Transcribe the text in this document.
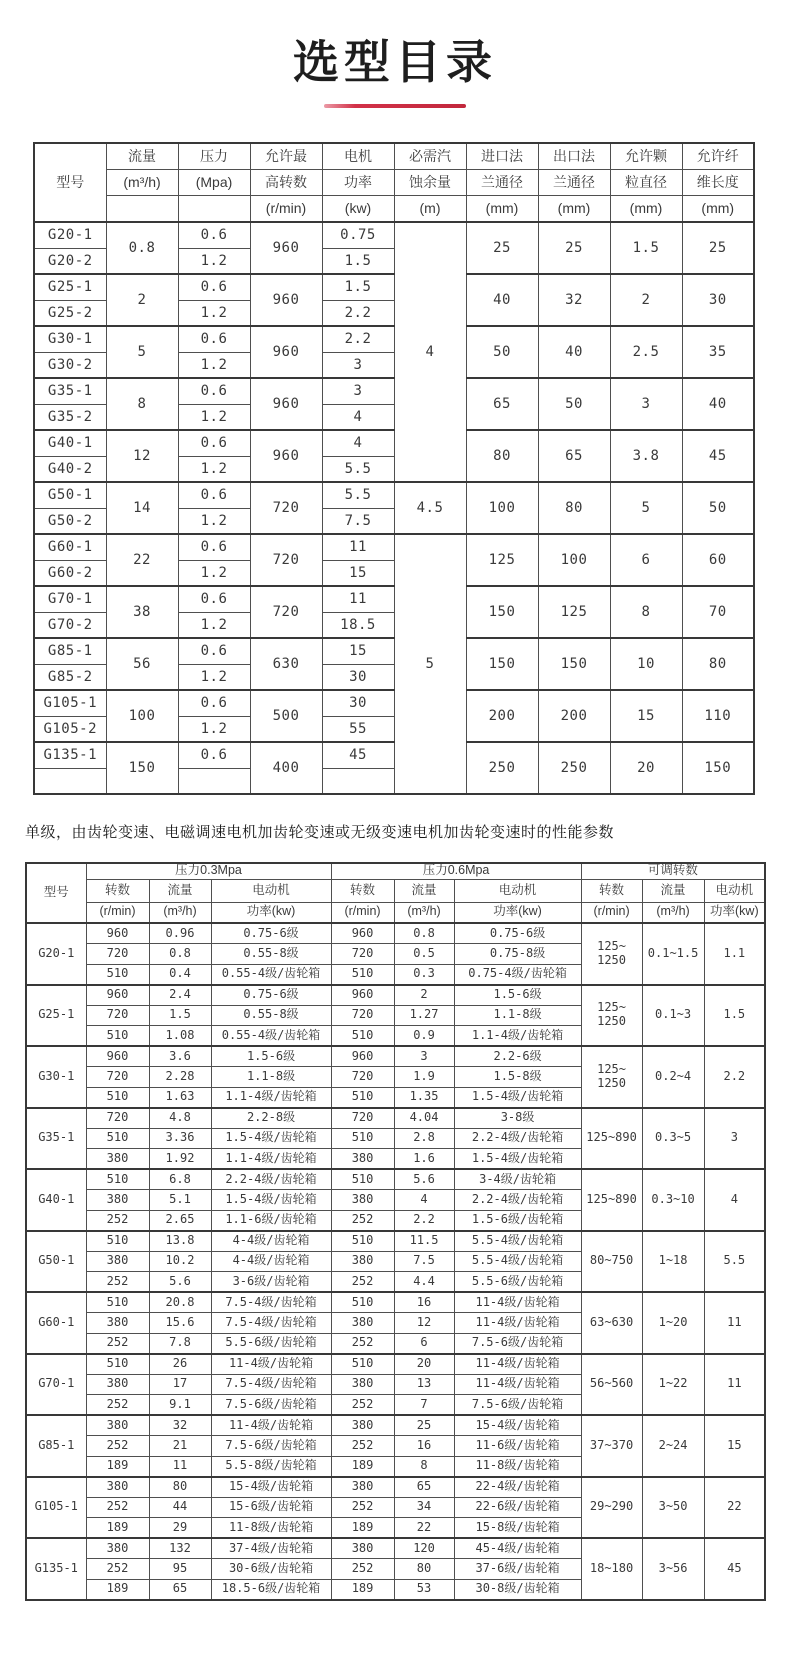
选型目录
型号	流量	压力	允许最	电机	必需汽	进口法	出口法	允许颗	允许纤
	(m³/h)	(Mpa)	高转数	功率	蚀余量	兰通径	兰通径	粒直径	维长度
			(r/min)	(kw)	(m)	(mm)	(mm)	(mm)	(mm)
G20-1	0.8	0.6	960	0.75	4	25	25	1.5	25
G20-2		1.2		1.5					
G25-1	2	0.6	960	1.5		40	32	2	30
G25-2		1.2		2.2					
G30-1	5	0.6	960	2.2		50	40	2.5	35
G30-2		1.2		3					
G35-1	8	0.6	960	3		65	50	3	40
G35-2		1.2		4					
G40-1	12	0.6	960	4		80	65	3.8	45
G40-2		1.2		5.5					
G50-1	14	0.6	720	5.5	4.5	100	80	5	50
G50-2		1.2		7.5					
G60-1	22	0.6	720	11	5	125	100	6	60
G60-2		1.2		15					
G70-1	38	0.6	720	11		150	125	8	70
G70-2		1.2		18.5					
G85-1	56	0.6	630	15		150	150	10	80
G85-2		1.2		30					
G105-1	100	0.6	500	30		200	200	15	110
G105-2		1.2		55					
G135-1	150	0.6	400	45		250	250	20	150

单级，由齿轮变速、电磁调速电机加齿轮变速或无级变速电机加齿轮变速时的性能参数
型号	压力0.3Mpa			压力0.6Mpa			可调转数		
	转数	流量	电动机	转数	流量	电动机	转数	流量	电动机
	(r/min)	(m³/h)	功率(kw)	(r/min)	(m³/h)	功率(kw)	(r/min)	(m³/h)	功率(kw)
G20-1	960	0.96	0.75-6级	960	0.8	0.75-6级	125~​1250	0.1~​1.5	1.1
	720	0.8	0.55-8级	720	0.5	0.75-8级			
	510	0.4	0.55-4级/齿轮箱	510	0.3	0.75-4级/齿轮箱			
G25-1	960	2.4	0.75-6级	960	2	1.5-6级	125~​1250	0.1~​3	1.5
	720	1.5	0.55-8级	720	1.27	1.1-8级			
	510	1.08	0.55-4级/齿轮箱	510	0.9	1.1-4级/齿轮箱			
G30-1	960	3.6	1.5-6级	960	3	2.2-6级	125~​1250	0.2~​4	2.2
	720	2.28	1.1-8级	720	1.9	1.5-8级			
	510	1.63	1.1-4级/齿轮箱	510	1.35	1.5-4级/齿轮箱			
G35-1	720	4.8	2.2-8级	720	4.04	3-8级	125~​890	0.3~​5	3
	510	3.36	1.5-4级/齿轮箱	510	2.8	2.2-4级/齿轮箱			
	380	1.92	1.1-4级/齿轮箱	380	1.6	1.5-4级/齿轮箱			
G40-1	510	6.8	2.2-4级/齿轮箱	510	5.6	3-4级/齿轮箱	125~​890	0.3~​10	4
	380	5.1	1.5-4级/齿轮箱	380	4	2.2-4级/齿轮箱			
	252	2.65	1.1-6级/齿轮箱	252	2.2	1.5-6级/齿轮箱			
G50-1	510	13.8	4-4级/齿轮箱	510	11.5	5.5-4级/齿轮箱	80~​750	1~​18	5.5
	380	10.2	4-4级/齿轮箱	380	7.5	5.5-4级/齿轮箱			
	252	5.6	3-6级/齿轮箱	252	4.4	5.5-6级/齿轮箱			
G60-1	510	20.8	7.5-4级/齿轮箱	510	16	11-4级/齿轮箱	63~​630	1~​20	11
	380	15.6	7.5-4级/齿轮箱	380	12	11-4级/齿轮箱			
	252	7.8	5.5-6级/齿轮箱	252	6	7.5-6级/齿轮箱			
G70-1	510	26	11-4级/齿轮箱	510	20	11-4级/齿轮箱	56~​560	1~​22	11
	380	17	7.5-4级/齿轮箱	380	13	11-4级/齿轮箱			
	252	9.1	7.5-6级/齿轮箱	252	7	7.5-6级/齿轮箱			
G85-1	380	32	11-4级/齿轮箱	380	25	15-4级/齿轮箱	37~​370	2~​24	15
	252	21	7.5-6级/齿轮箱	252	16	11-6级/齿轮箱			
	189	11	5.5-8级/齿轮箱	189	8	11-8级/齿轮箱			
G105-1	380	80	15-4级/齿轮箱	380	65	22-4级/齿轮箱	29~​290	3~​50	22
	252	44	15-6级/齿轮箱	252	34	22-6级/齿轮箱			
	189	29	11-8级/齿轮箱	189	22	15-8级/齿轮箱			
G135-1	380	132	37-4级/齿轮箱	380	120	45-4级/齿轮箱	18~​180	3~​56	45
	252	95	30-6级/齿轮箱	252	80	37-6级/齿轮箱			
	189	65	18.5-6级/齿轮箱	189	53	30-8级/齿轮箱			
